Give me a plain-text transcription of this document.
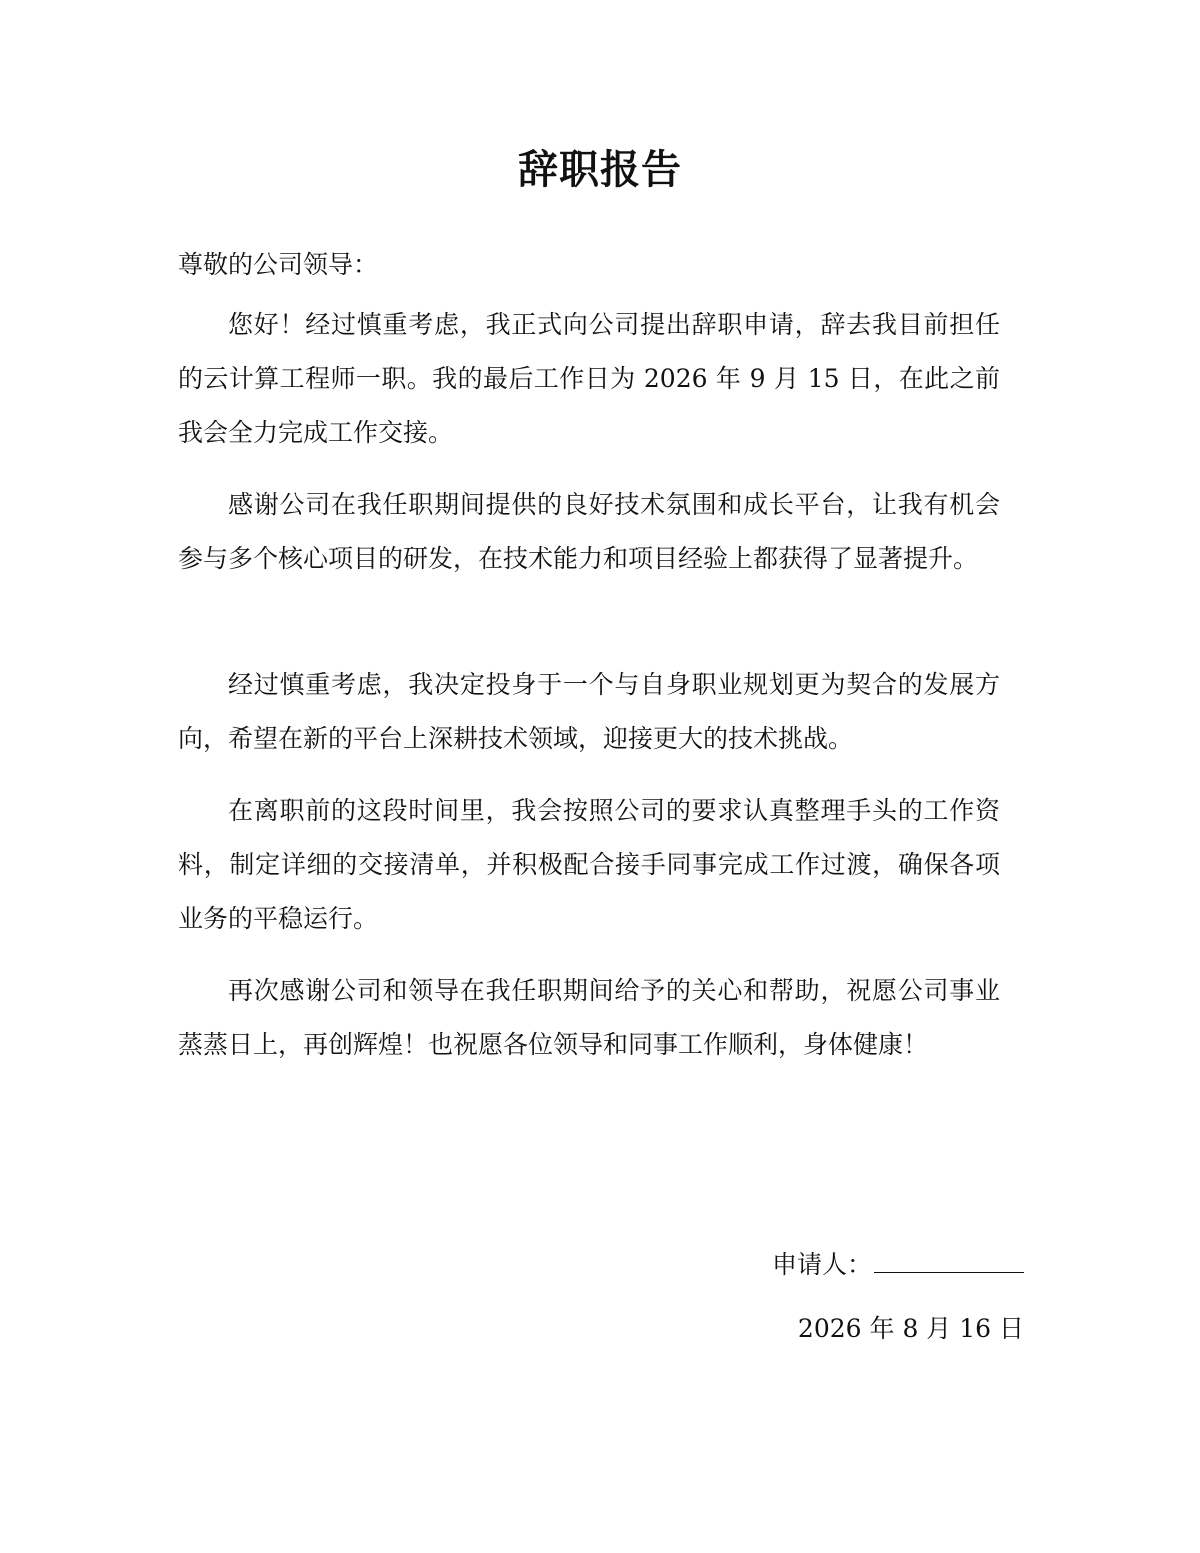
辞职报告
尊敬的公司领导：
您好！经过慎重考虑，我正式向公司提出辞职申请，辞去我目前担任的云计算工程师一职。我的最后工作日为 2026 年 9 月 15 日，在此之前我会全力完成工作交接。
感谢公司在我任职期间提供的良好技术氛围和成长平台，让我有机会参与多个核心项目的研发，在技术能力和项目经验上都获得了显著提升。
经过慎重考虑，我决定投身于一个与自身职业规划更为契合的发展方向，希望在新的平台上深耕技术领域，迎接更大的技术挑战。
在离职前的这段时间里，我会按照公司的要求认真整理手头的工作资料，制定详细的交接清单，并积极配合接手同事完成工作过渡，确保各项业务的平稳运行。
再次感谢公司和领导在我任职期间给予的关心和帮助，祝愿公司事业蒸蒸日上，再创辉煌！也祝愿各位领导和同事工作顺利，身体健康！
申请人：
2026 年 8 月 16 日
